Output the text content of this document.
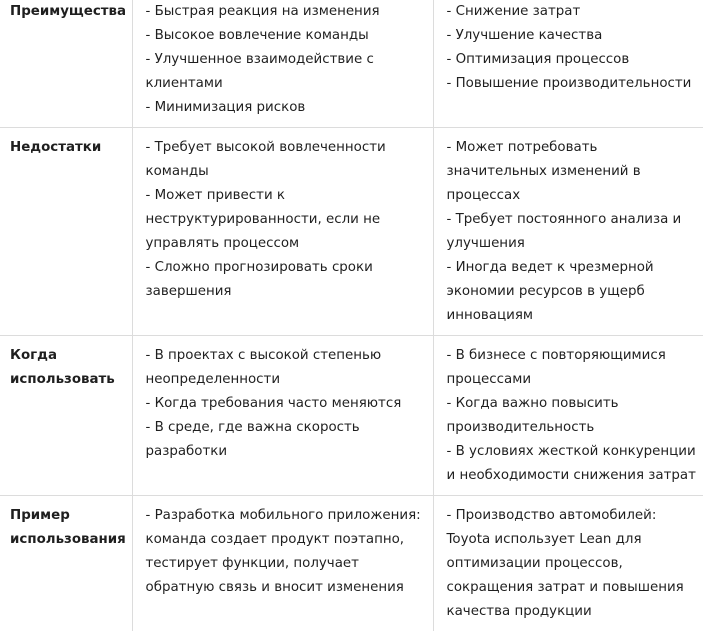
Преимущества	- Быстрая реакция на изменения
- Высокое вовлечение команды
- Улучшенное взаимодействие с клиентами
- Минимизация рисков	- Снижение затрат
- Улучшение качества
- Оптимизация процессов
- Повышение производительности

Недостатки	- Требует высокой вовлеченности команды
- Может привести к неструктурированности, если не управлять процессом
- Сложно прогнозировать сроки завершения	- Может потребовать значительных изменений в процессах
- Требует постоянного анализа и улучшения
- Иногда ведет к чрезмерной экономии ресурсов в ущерб инновациям

Когда использовать	- В проектах с высокой степенью неопределенности
- Когда требования часто меняются
- В среде, где важна скорость разработки	- В бизнесе с повторяющимися процессами
- Когда важно повысить производительность
- В условиях жесткой конкуренции и необходимости снижения затрат

Пример использования	- Разработка мобильного приложения: команда создает продукт поэтапно, тестирует функции, получает обратную связь и вносит изменения	- Производство автомобилей: Toyota использует Lean для оптимизации процессов, сокращения затрат и повышения качества продукции
